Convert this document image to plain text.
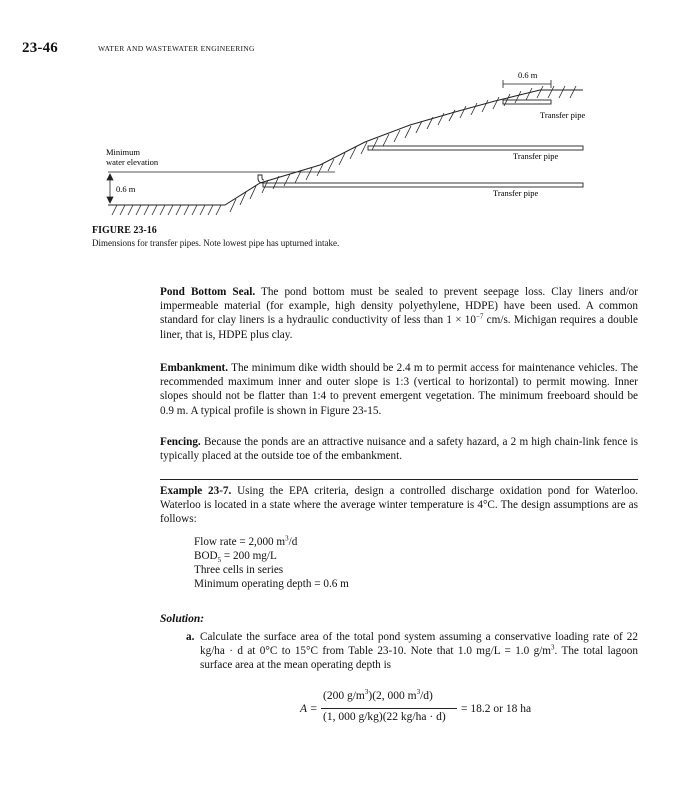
23-46	WATER AND WASTEWATER ENGINEERING
0.6 m
Transfer pipe
Transfer pipe
Transfer pipe
Minimum
water elevation
0.6 m
FIGURE 23-16
Dimensions for transfer pipes. Note lowest pipe has upturned intake.

Pond Bottom Seal. The pond bottom must be sealed to prevent seepage loss. Clay liners and/or impermeable material (for example, high density polyethylene, HDPE) have been used. A common standard for clay liners is a hydraulic conductivity of less than $1 \times 10^{-7}$ cm/s. Michigan requires a double liner, that is, HDPE plus clay.

Embankment. The minimum dike width should be 2.4 m to permit access for maintenance vehicles. The recommended maximum inner and outer slope is 1:3 (vertical to horizontal) to permit mowing. Inner slopes should not be flatter than 1:4 to prevent emergent vegetation. The minimum freeboard should be 0.9 m. A typical profile is shown in Figure 23-15.

Fencing. Because the ponds are an attractive nuisance and a safety hazard, a 2 m high chain-link fence is typically placed at the outside toe of the embankment.

Example 23-7. Using the EPA criteria, design a controlled discharge oxidation pond for Waterloo. Waterloo is located in a state where the average winter temperature is 4°C. The design assumptions are as follows:

Flow rate = 2,000 $m^3/d$
$BOD_5 = 200$ mg/L
Three cells in series
Minimum operating depth = 0.6 m
Solution:
a. Calculate the surface area of the total pond system assuming a conservative loading rate of 22 kg/ha · d at 0°C to 15°C from Table 23-10. Note that 1.0 mg/L = 1.0 $g/m^3$. The total lagoon surface area at the mean operating depth is
A =
(200 $g/m^3)(2$, 000 $m^3/d$)
(1, 000 g/kg)(22 kg/ha · d)
= 18.2 or 18 ha
